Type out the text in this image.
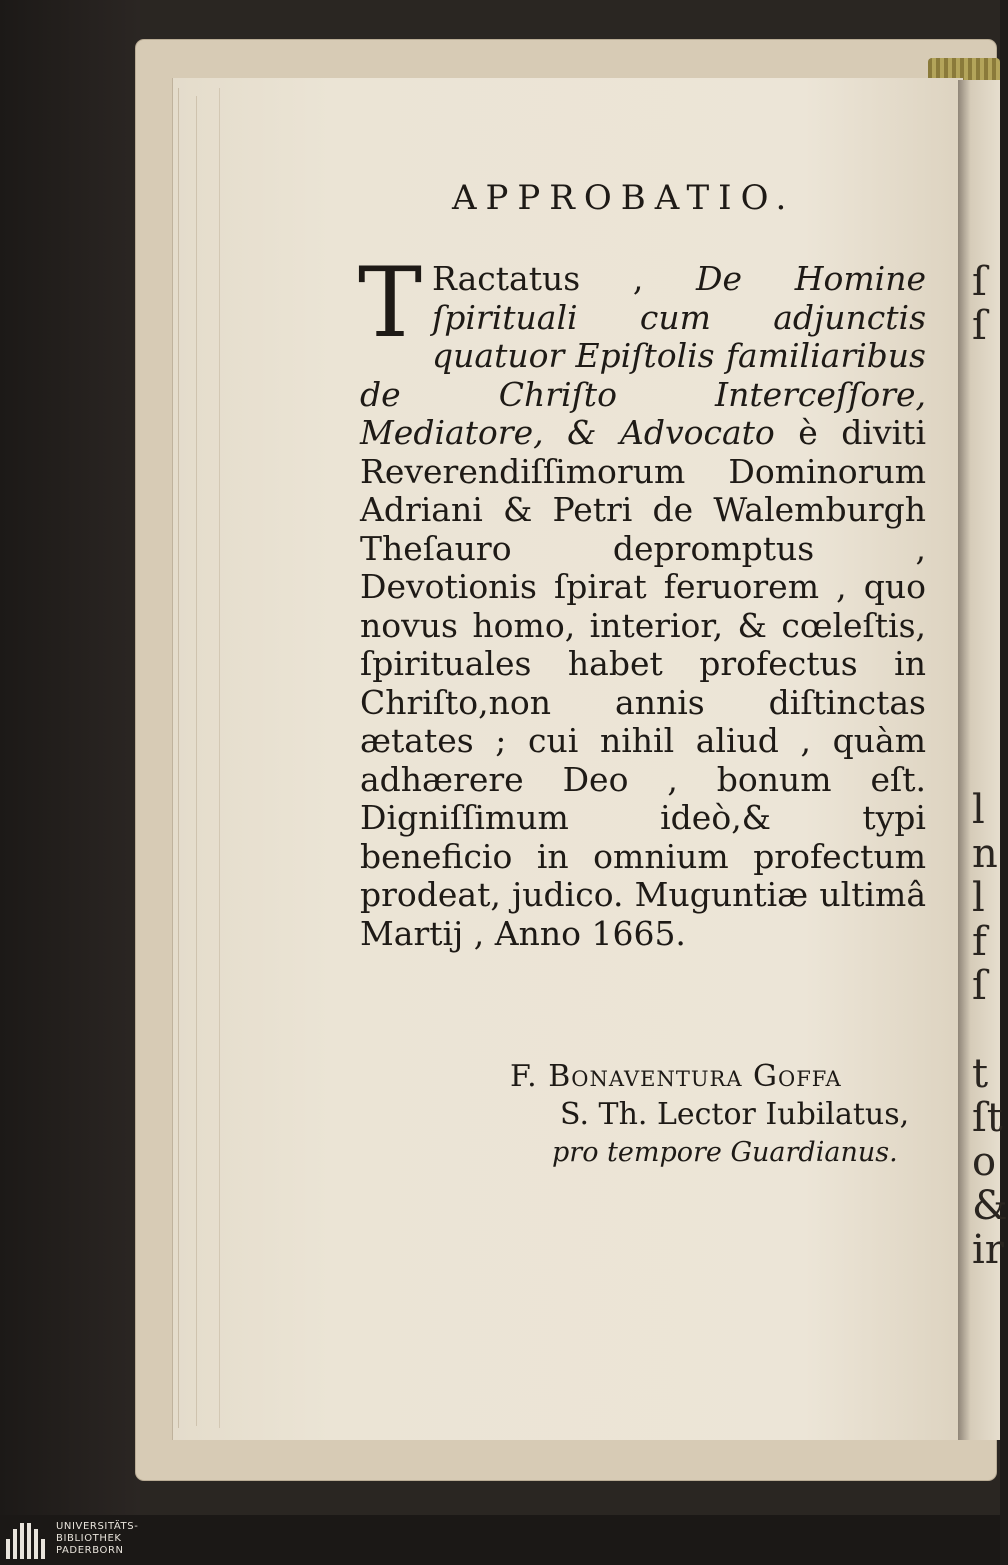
ſ
ſ
l
n
l
f
ſ
t
ſt
o
&
ir
APPROBATIO.
T Ractatus , De Homine ſpirituali cum adjunctis quatuor Epiſtolis familiaribus de Chriſto Interceſſore, Mediatore, & Advocato è diviti Reverendiſſimorum Dominorum Adriani & Petri de Walemburgh Theſauro depromptus , Devotionis ſpirat feruorem , quo novus homo, interior, & cœleſtis, ſpirituales habet profectus in Chriſto,non annis diſtinctas ætates ; cui nihil aliud , quàm adhærere Deo , bonum eſt. Digniſſimum ideò,& typi beneficio in omnium profectum prodeat, judico. Muguntiæ ultimâ Martij , Anno 1665.
F. Bonaventura Goffa
S. Th. Lector Iubilatus,
pro tempore Guardianus.
UNIVERSITÄTS-
BIBLIOTHEK
PADERBORN
